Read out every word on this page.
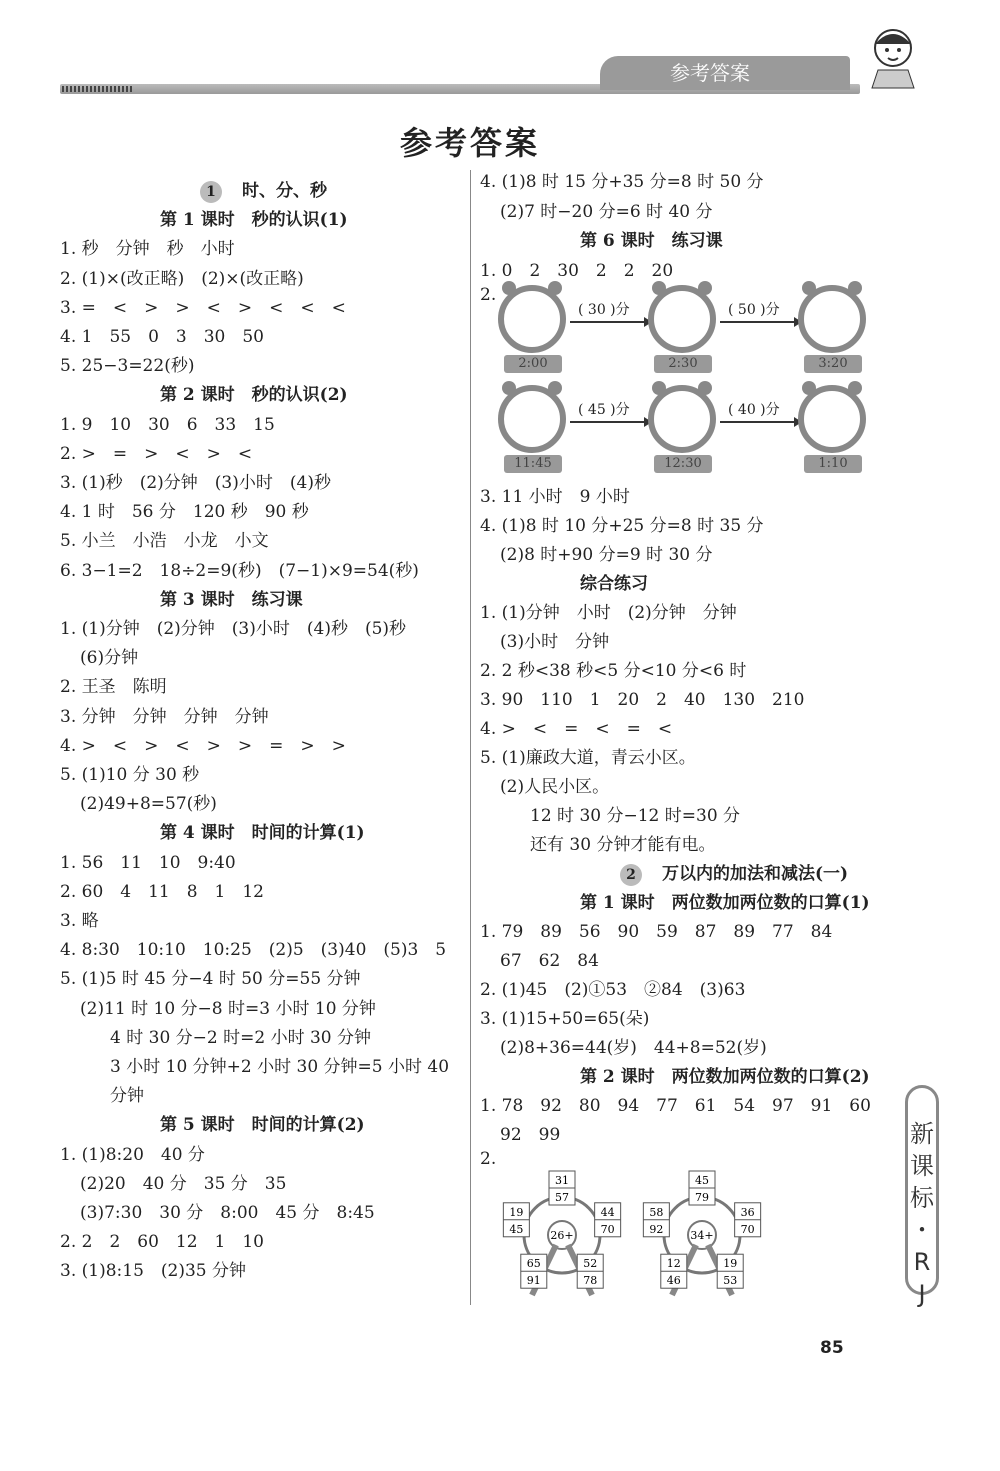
参考答案
参考答案
1 时、分、秒
第 1 课时　秒的认识(1)
1. 秒　分钟　秒　小时
2. (1)×(改正略)　(2)×(改正略)
3. =　<　>　>　<　>　<　<　<
4. 1　55　0　3　30　50
5. 25−3=22(秒)
第 2 课时　秒的认识(2)
1. 9　10　30　6　33　15
2. >　=　>　<　>　<
3. (1)秒　(2)分钟　(3)小时　(4)秒
4. 1 时　56 分　120 秒　90 秒
5. 小兰　小浩　小龙　小文
6. 3−1=2　18÷2=9(秒)　(7−1)×9=54(秒)
第 3 课时　练习课
1. (1)分钟　(2)分钟　(3)小时　(4)秒　(5)秒
(6)分钟
2. 王圣　陈明
3. 分钟　分钟　分钟　分钟
4. >　<　>　<　>　>　=　>　>
5. (1)10 分 30 秒
(2)49+8=57(秒)
第 4 课时　时间的计算(1)
1. 56　11　10　9:40
2. 60　4　11　8　1　12
3. 略
4. 8:30　10:10　10:25　(2)5　(3)40　(5)3　5
5. (1)5 时 45 分−4 时 50 分=55 分钟
(2)11 时 10 分−8 时=3 小时 10 分钟
4 时 30 分−2 时=2 小时 30 分钟
3 小时 10 分钟+2 小时 30 分钟=5 小时 40
分钟
第 5 课时　时间的计算(2)
1. (1)8:20　40 分
(2)20　40 分　35 分　35
(3)7:30　30 分　8:00　45 分　8:45
2. 2　2　60　12　1　10
3. (1)8:15　(2)35 分钟
4. (1)8 时 15 分+35 分=8 时 50 分
(2)7 时−20 分=6 时 40 分
第 6 课时　练习课
1. 0　2　30　2　2　20
2.
3. 11 小时　9 小时
4. (1)8 时 10 分+25 分=8 时 35 分
(2)8 时+90 分=9 时 30 分
综合练习
1. (1)分钟　小时　(2)分钟　分钟
(3)小时　分钟
2. 2 秒<38 秒<5 分<10 分<6 时
3. 90　110　1　20　2　40　130　210
4. >　<　=　<　=　<
5. (1)廉政大道，青云小区。
(2)人民小区。
12 时 30 分−12 时=30 分
还有 30 分钟才能有电。
2 万以内的加法和减法(一)
第 1 课时　两位数加两位数的口算(1)
1. 79　89　56　90　59　87　89　77　84
67　62　84
2. (1)45　(2)①53　②84　(3)63
3. (1)15+50=65(朵)
(2)8+36=44(岁)　44+8=52(岁)
第 2 课时　两位数加两位数的口算(2)
1. 78　92　80　94　77　61　54　97　91　60
92　99
2.
2:00
( 30 )分
2:30
( 50 )分
3:20
11:45
( 45 )分
12:30
( 40 )分
1:10
26+
31
57
44
70
52
78
65
91
19
45	34+
45
79
36
70
19
53
12
46
58
92
新
课
标
・
R
J
85
